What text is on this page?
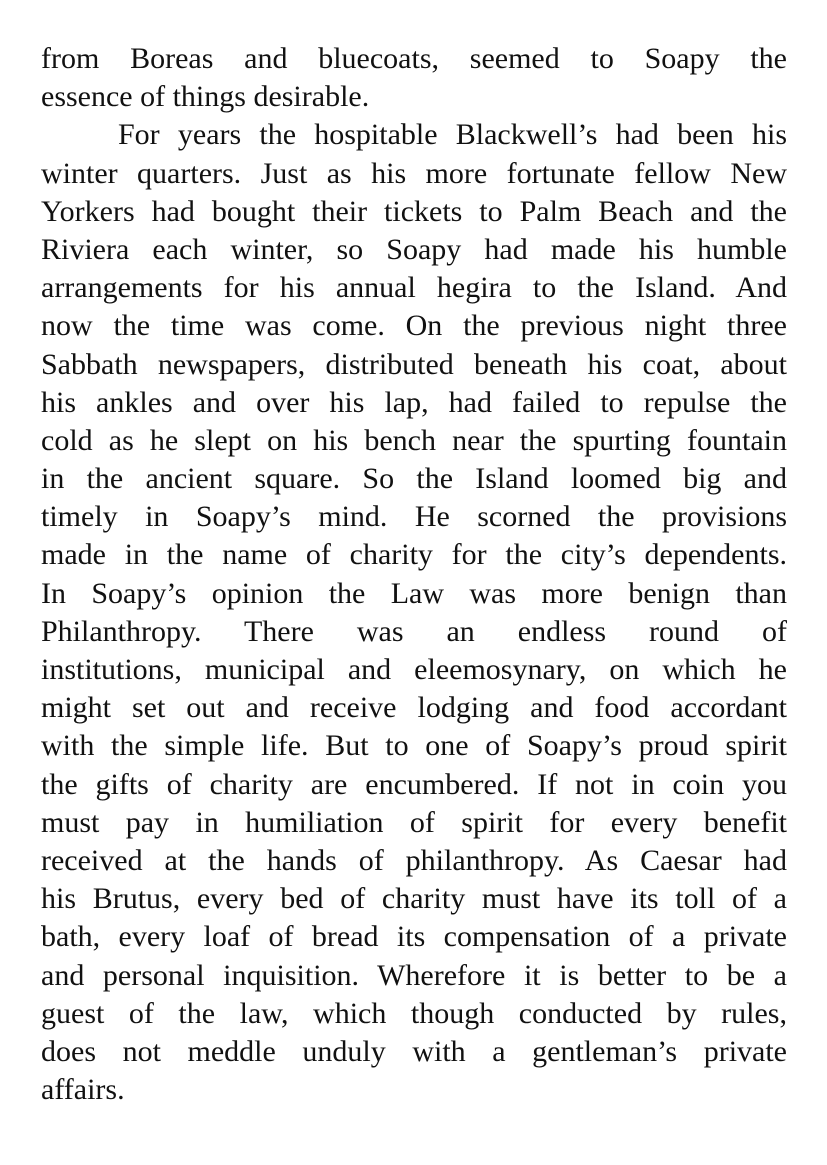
from Boreas and bluecoats, seemed to Soapy the
essence of things desirable.
For years the hospitable Blackwell’s had been his
winter quarters. Just as his more fortunate fellow New
Yorkers had bought their tickets to Palm Beach and the
Riviera each winter, so Soapy had made his humble
arrangements for his annual hegira to the Island. And
now the time was come. On the previous night three
Sabbath newspapers, distributed beneath his coat, about
his ankles and over his lap, had failed to repulse the
cold as he slept on his bench near the spurting fountain
in the ancient square. So the Island loomed big and
timely in Soapy’s mind. He scorned the provisions
made in the name of charity for the city’s dependents.
In Soapy’s opinion the Law was more benign than
Philanthropy. There was an endless round of
institutions, municipal and eleemosynary, on which he
might set out and receive lodging and food accordant
with the simple life. But to one of Soapy’s proud spirit
the gifts of charity are encumbered. If not in coin you
must pay in humiliation of spirit for every benefit
received at the hands of philanthropy. As Caesar had
his Brutus, every bed of charity must have its toll of a
bath, every loaf of bread its compensation of a private
and personal inquisition. Wherefore it is better to be a
guest of the law, which though conducted by rules,
does not meddle unduly with a gentleman’s private
affairs.
